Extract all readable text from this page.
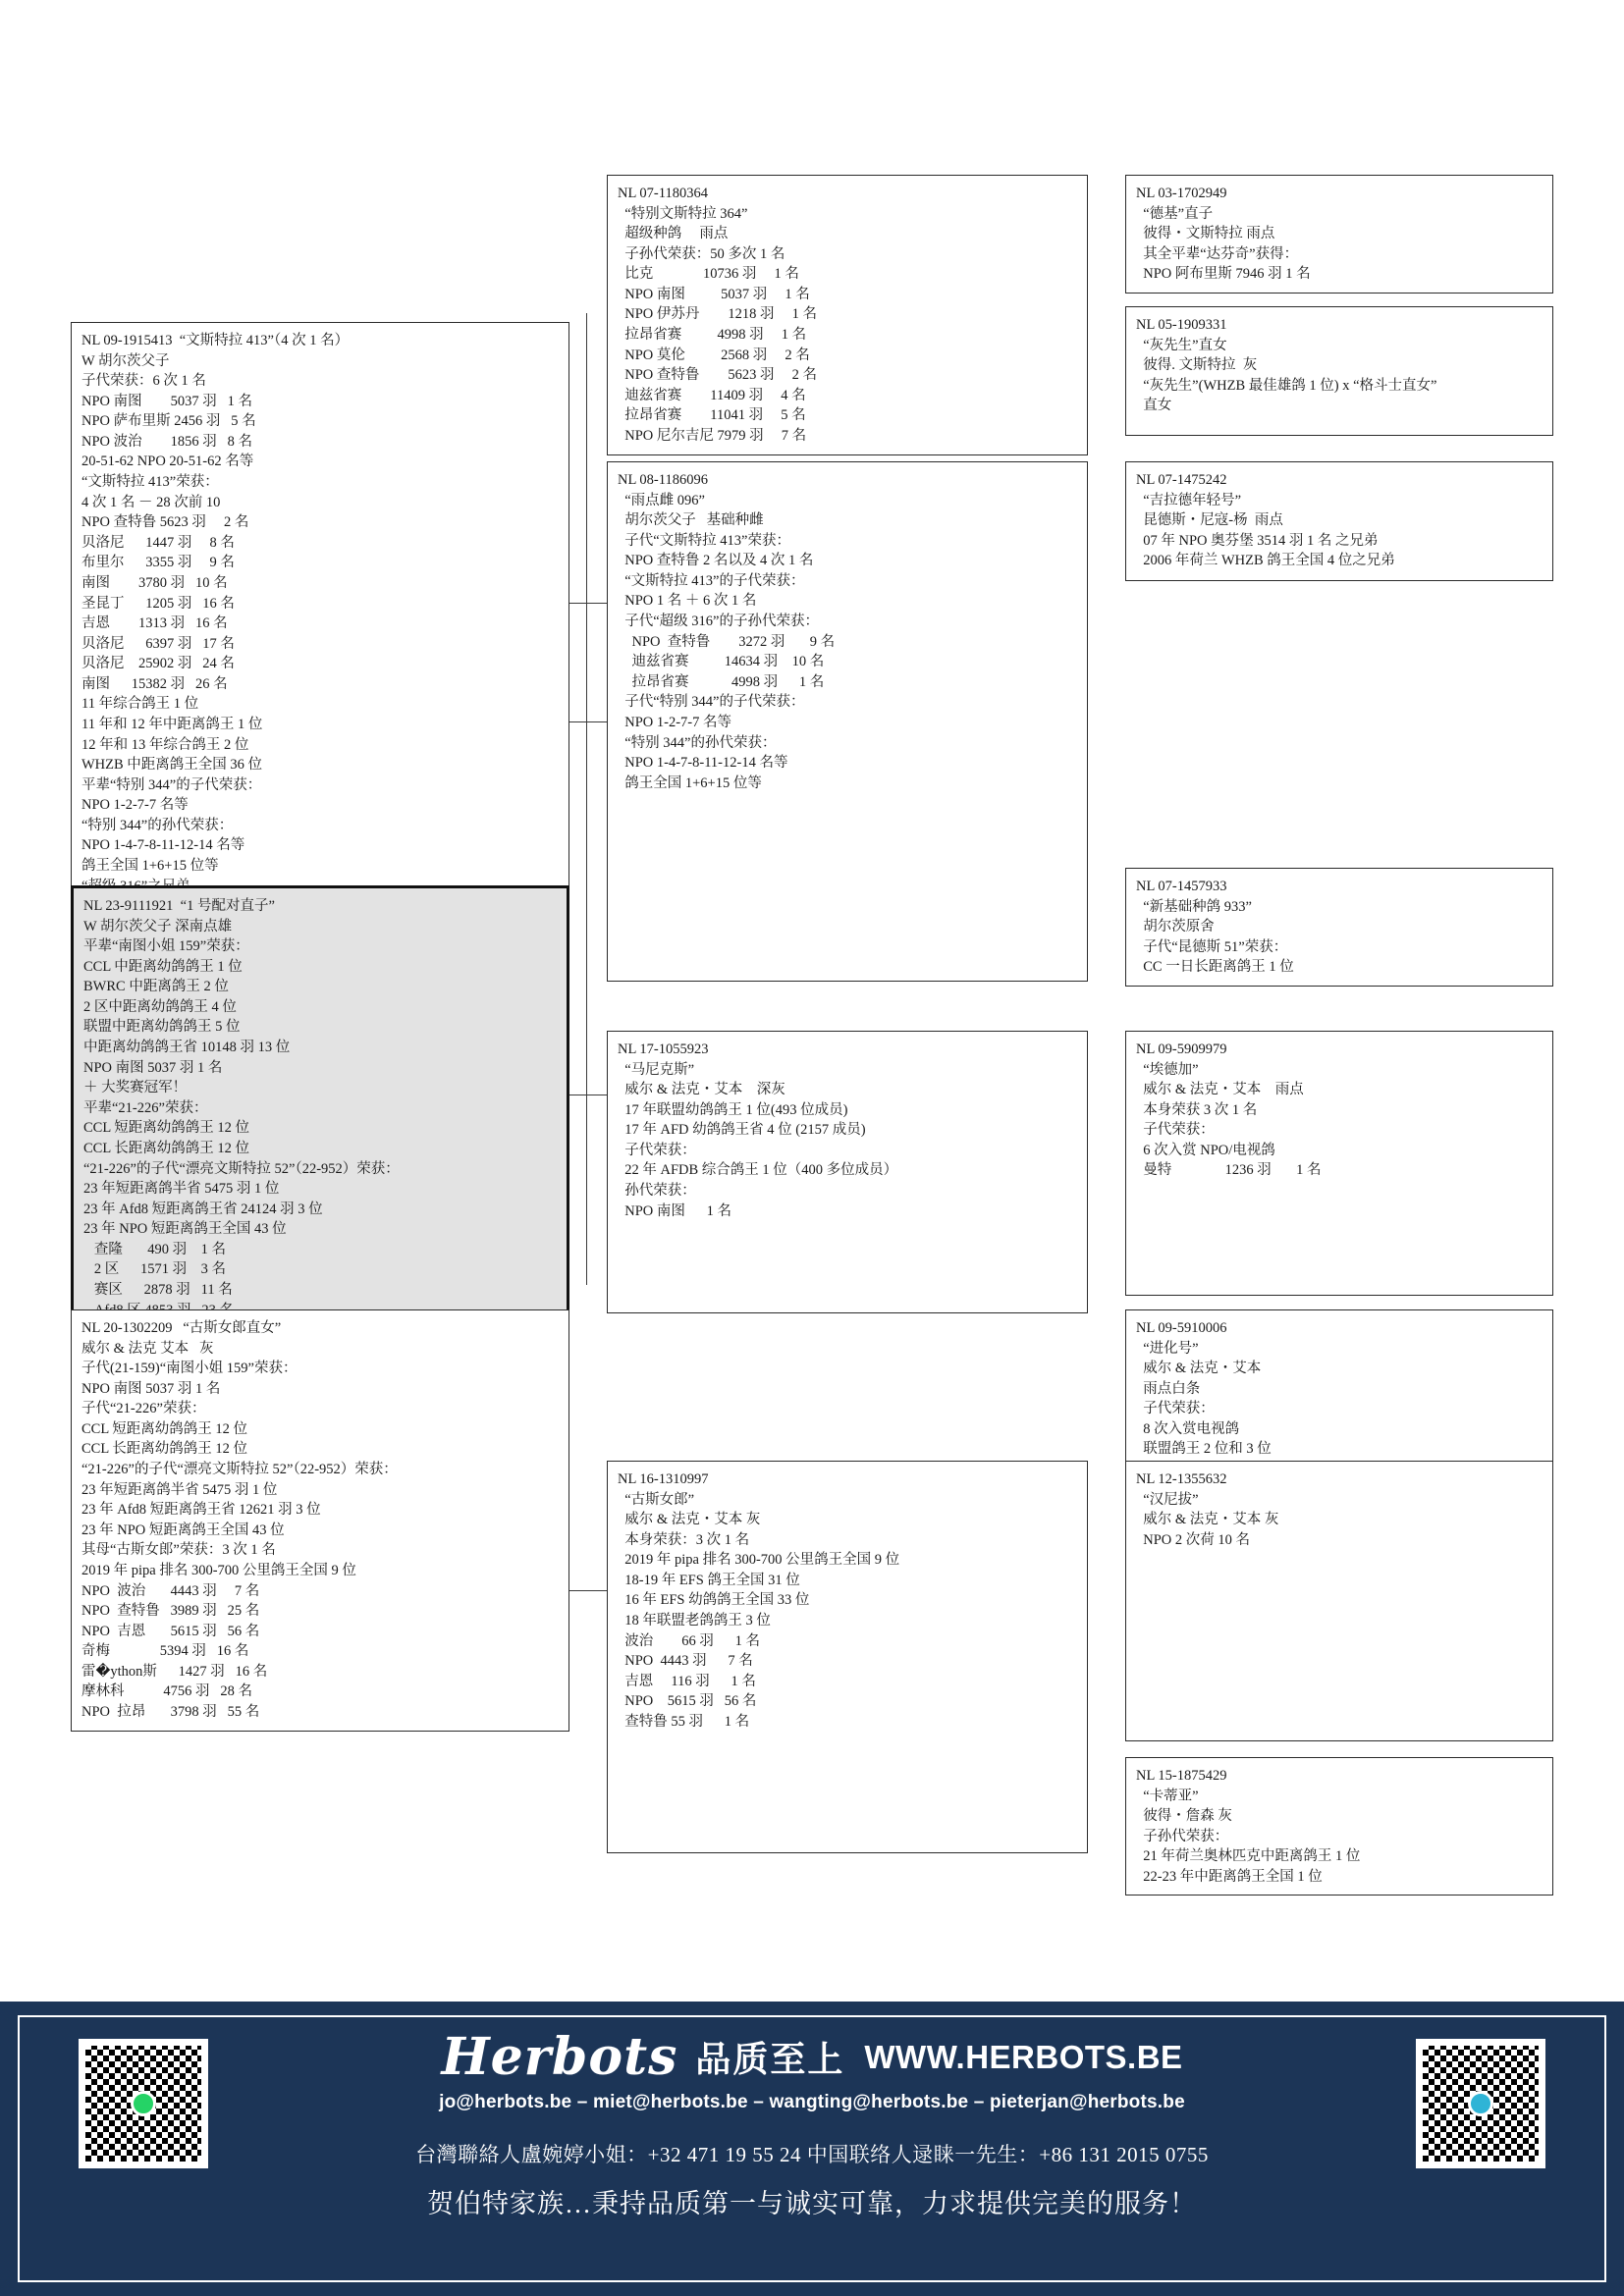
NL 09-1915413  “文斯特拉 413”（4 次 1 名）
W 胡尔茨父子
子代荣获：6 次 1 名
NPO 南图        5037 羽   1 名
NPO 萨布里斯 2456 羽   5 名
NPO 波治        1856 羽   8 名
20-51-62 NPO 20-51-62 名等
“文斯特拉 413”荣获：
4 次 1 名 － 28 次前 10
NPO 查特鲁 5623 羽     2 名
贝洛尼      1447 羽     8 名
布里尔      3355 羽     9 名
南图        3780 羽   10 名
圣昆丁      1205 羽   16 名
吉恩        1313 羽   16 名
贝洛尼      6397 羽   17 名
贝洛尼    25902 羽   24 名
南图      15382 羽   26 名
11 年综合鸽王 1 位
11 年和 12 年中距离鸽王 1 位
12 年和 13 年综合鸽王 2 位
WHZB 中距离鸽王全国 36 位
平辈“特别 344”的子代荣获：
NPO 1-2-7-7 名等
“特别 344”的孙代荣获：
NPO 1-4-7-8-11-12-14 名等
鸽王全国 1+6+15 位等
NL 23-9111921  “1 号配对直子”
W 胡尔茨父子 深南点雄
平辈“南图小姐 159”荣获：
CCL 中距离幼鸽鸽王 1 位
BWRC 中距离鸽王 2 位
2 区中距离幼鸽鸽王 4 位
联盟中距离幼鸽鸽王 5 位
中距离幼鸽鸽王省 10148 羽 13 位
NPO 南图 5037 羽 1 名
＋ 大奖赛冠军！
平辈“21-226”荣获：
CCL 短距离幼鸽鸽王 12 位
CCL 长距离幼鸽鸽王 12 位
“21-226”的子代“漂亮文斯特拉 52”（22-952）荣获：
23 年短距离鸽半省 5475 羽 1 位
23 年 Afd8 短距离鸽王省 24124 羽 3 位
23 年 NPO 短距离鸽王全国 43 位
查隆       490 羽    1 名
2 区      1571 羽    3 名
赛区      2878 羽   11 名
NL 20-1302209   “古斯女郎直女”
威尔 & 法克 艾本   灰
子代(21-159)“南图小姐 159”荣获：
NPO 南图 5037 羽 1 名
子代“21-226”荣获：
CCL 短距离幼鸽鸽王 12 位
CCL 长距离幼鸽鸽王 12 位
“21-226”的子代“漂亮文斯特拉 52”（22-952）荣获：
23 年短距离鸽半省 5475 羽 1 位
23 年 Afd8 短距离鸽王省 12621 羽 3 位
23 年 NPO 短距离鸽王全国 43 位
其母“古斯女郎”荣获：3 次 1 名
2019 年 pipa 排名 300-700 公里鸽王全国 9 位
NPO  波治       4443 羽     7 名
NPO  查特鲁   3989 羽   25 名
NPO  吉恩       5615 羽   56 名
奇梅              5394 羽   16 名
雷�ython斯      1427 羽   16 名
摩林科           4756 羽   28 名
NPO  拉昂       3798 羽   55 名
NL 07-1180364
“特别文斯特拉 364”
超级种鸽     雨点
子孙代荣获：50 多次 1 名
比克              10736 羽     1 名
NPO 南图          5037 羽     1 名
NPO 伊苏丹        1218 羽     1 名
拉昂省赛          4998 羽     1 名
NPO 莫伦          2568 羽     2 名
NPO 查特鲁        5623 羽     2 名
迪兹省赛        11409 羽     4 名
拉昂省赛        11041 羽     5 名
NPO 尼尔吉尼 7979 羽     7 名
NL 08-1186096
“雨点雌 096”
胡尔茨父子   基础种雌
子代“文斯特拉 413”荣获：
NPO 查特鲁 2 名以及 4 次 1 名
“文斯特拉 413”的子代荣获：
NPO 1 名 ＋ 6 次 1 名
子代“超级 316”的子孙代荣获：
NPO  查特鲁        3272 羽       9 名
迪兹省赛          14634 羽    10 名
拉昂省赛            4998 羽      1 名
子代“特别 344”的子代荣获：
NPO 1-2-7-7 名等
“特别 344”的孙代荣获：
NPO 1-4-7-8-11-12-14 名等
鸽王全国 1+6+15 位等
NL 17-1055923
“马尼克斯”
威尔 & 法克・艾本    深灰
17 年联盟幼鸽鸽王 1 位(493 位成员)
17 年 AFD 幼鸽鸽王省 4 位 (2157 成员)
子代荣获：
22 年 AFDB 综合鸽王 1 位（400 多位成员）
孙代荣获：
NPO 南图      1 名
NL 16-1310997
“古斯女郎”
威尔 & 法克・艾本 灰
本身荣获：3 次 1 名
2019 年 pipa 排名 300-700 公里鸽王全国 9 位
18-19 年 EFS 鸽王全国 31 位
16 年 EFS 幼鸽鸽王全国 33 位
18 年联盟老鸽鸽王 3 位
波治        66 羽      1 名
NPO  4443 羽      7 名
吉恩     116 羽      1 名
NPO    5615 羽   56 名
查特鲁 55 羽      1 名
NL 03-1702949
“德基”直子
彼得・文斯特拉 雨点
其全平辈“达芬奇”获得：
NPO 阿布里斯 7946 羽 1 名
NL 05-1909331
“灰先生”直女
彼得. 文斯特拉  灰
“灰先生”(WHZB 最佳雄鸽 1 位) x “格斗士直女”
直女
NL 07-1475242
“吉拉德年轻号”
昆德斯・尼寇-杨  雨点
07 年 NPO 奥芬堡 3514 羽 1 名 之兄弟
2006 年荷兰 WHZB 鸽王全国 4 位之兄弟
NL 07-1457933
“新基础种鸽 933”
胡尔茨原舍
子代“昆德斯 51”荣获：
CC 一日长距离鸽王 1 位
NL 09-5909979
“埃德加”
威尔 & 法克・艾本    雨点
本身荣获 3 次 1 名
子代荣获：
6 次入赏 NPO/电视鸽
曼特               1236 羽       1 名
NL 09-5910006
“进化号”
威尔 & 法克・艾本
雨点白条
子代荣获：
8 次入赏电视鸽
联盟鸽王 2 位和 3 位
NL 12-1355632
“汉尼拔”
威尔 & 法克・艾本 灰
NPO 2 次荷 10 名
NL 15-1875429
“卡蒂亚”
彼得・詹森 灰
子孙代荣获：
21 年荷兰奥林匹克中距离鸽王 1 位
22-23 年中距离鸽王全国 1 位
Herbots 品质至上 WWW.HERBOTS.BE
jo@herbots.be – miet@herbots.be – wangting@herbots.be – pieterjan@herbots.be
台灣聯絡人盧婉婷小姐：+32 471 19 55 24 中国联络人逯睐一先生：+86 131 2015 0755
贺伯特家族…秉持品质第一与诚实可靠，力求提供完美的服务！
